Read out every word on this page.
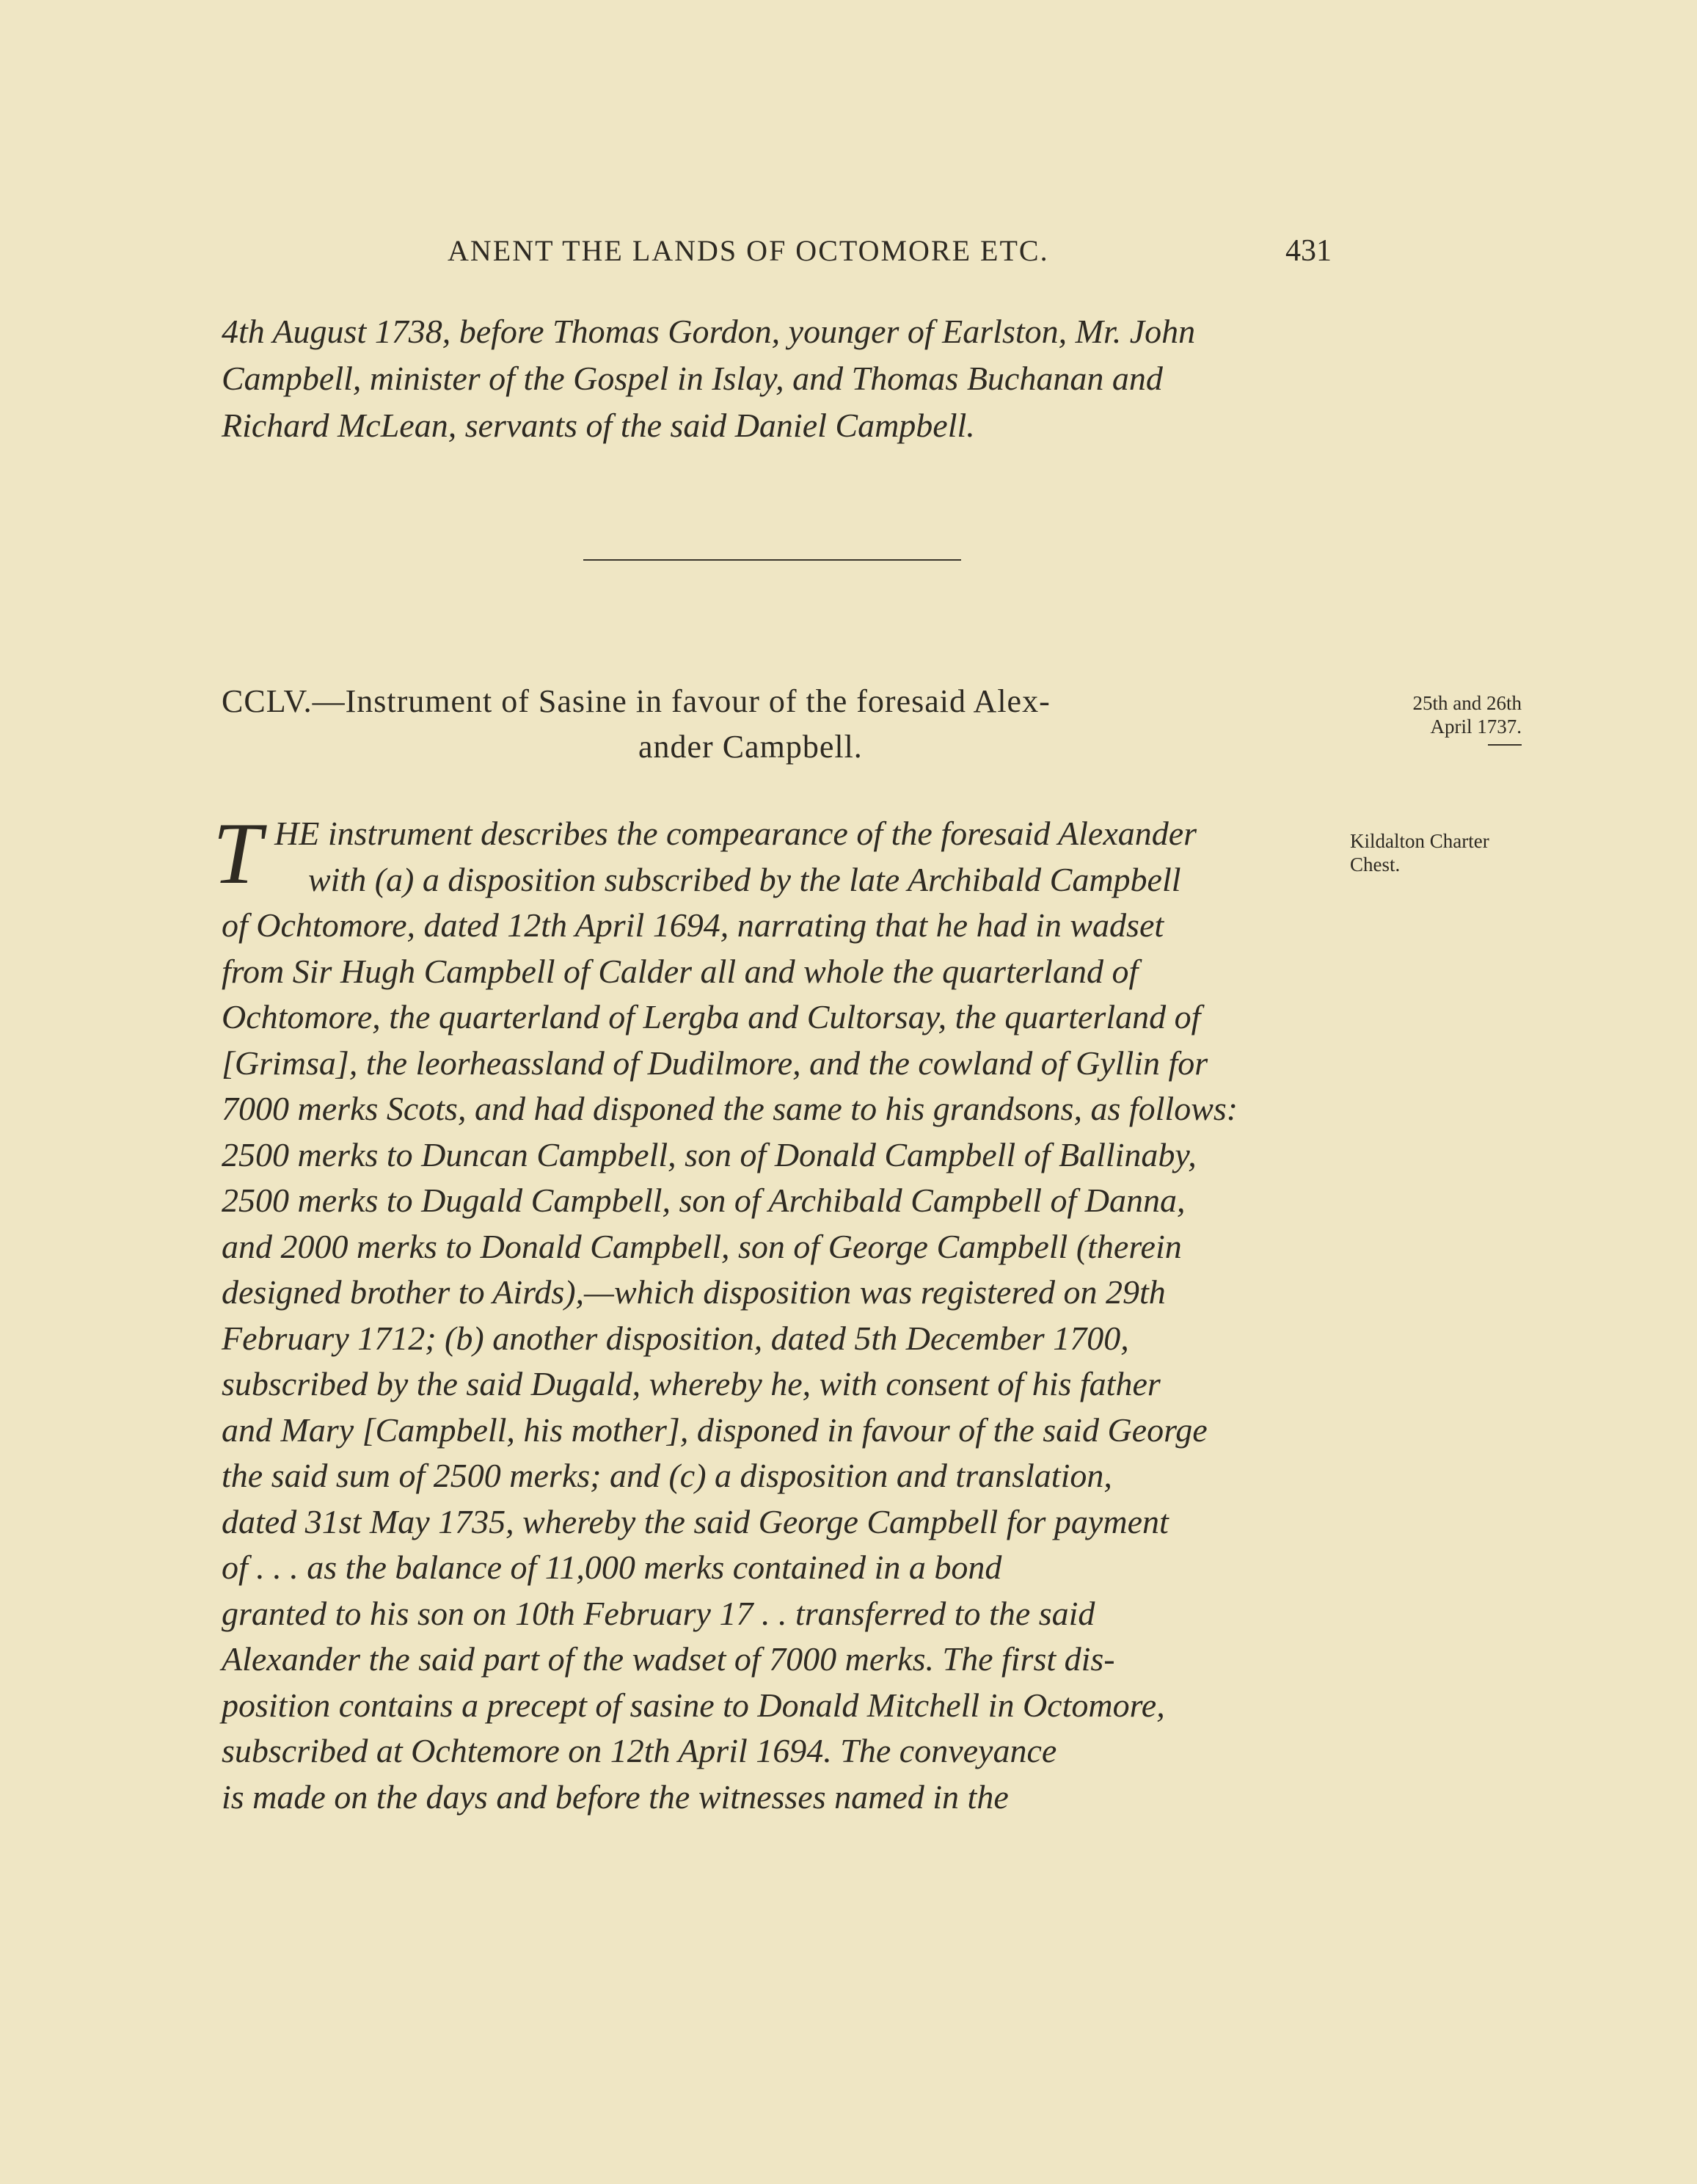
ANENT THE LANDS OF OCTOMORE ETC.	431
4th August 1738, before Thomas Gordon, younger of Earlston, Mr. John
Campbell, minister of the Gospel in Islay, and Thomas Buchanan and
Richard McLean, servants of the said Daniel Campbell.
CCLV.—Instrument of Sasine in favour of the foresaid Alex-
ander Campbell.
25th and 26th
April 1737.
Kildalton Charter
Chest.
T HE instrument describes the compearance of the foresaid Alexander
with (a) a disposition subscribed by the late Archibald Campbell
of Ochtomore, dated 12th April 1694, narrating that he had in wadset
from Sir Hugh Campbell of Calder all and whole the quarterland of
Ochtomore, the quarterland of Lergba and Cultorsay, the quarterland of
[Grimsa], the leorheassland of Dudilmore, and the cowland of Gyllin for
7000 merks Scots, and had disponed the same to his grandsons, as follows:
2500 merks to Duncan Campbell, son of Donald Campbell of Ballinaby,
2500 merks to Dugald Campbell, son of Archibald Campbell of Danna,
and 2000 merks to Donald Campbell, son of George Campbell (therein
designed brother to Airds),—which disposition was registered on 29th
February 1712; (b) another disposition, dated 5th December 1700,
subscribed by the said Dugald, whereby he, with consent of his father
and Mary [Campbell, his mother], disponed in favour of the said George
the said sum of 2500 merks; and (c) a disposition and translation,
dated 31st May 1735, whereby the said George Campbell for payment
of . . . as the balance of 11,000 merks contained in a bond
granted to his son on 10th February 17 . . transferred to the said
Alexander the said part of the wadset of 7000 merks. The first dis-
position contains a precept of sasine to Donald Mitchell in Octomore,
subscribed at Ochtemore on 12th April 1694. The conveyance
is made on the days and before the witnesses named in the
